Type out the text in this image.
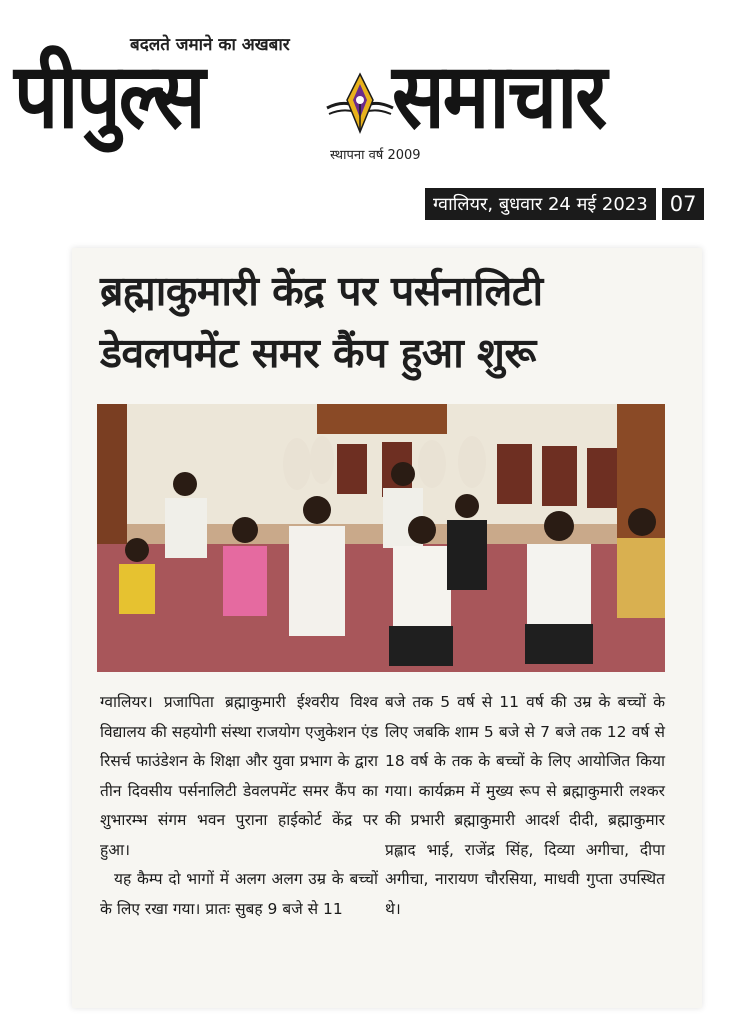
बदलते जमाने का अखबार
पीपुल्स समाचार
स्थापना वर्ष 2009
ग्वालियर, बुधवार 24 मई 2023	07
ब्रह्माकुमारी केंद्र पर पर्सनालिटी
डेवलपमेंट समर कैंप हुआ शुरू

ग्वालियर। प्रजापिता ब्रह्माकुमारी ईश्वरीय विश्व विद्यालय की सहयोगी संस्था राजयोग एजुकेशन एंड रिसर्च फाउंडेशन के शिक्षा और युवा प्रभाग के द्वारा तीन दिवसीय पर्सनालिटी डेवलपमेंट समर कैंप का शुभारम्भ संगम भवन पुराना हाईकोर्ट केंद्र पर हुआ।

यह कैम्प दो भागों में अलग अलग उम्र के बच्चों के लिए रखा गया। प्रातः सुबह 9 बजे से 11

बजे तक 5 वर्ष से 11 वर्ष की उम्र के बच्चों के लिए जबकि शाम 5 बजे से 7 बजे तक 12 वर्ष से 18 वर्ष के तक के बच्चों के लिए आयोजित किया गया। कार्यक्रम में मुख्य रूप से ब्रह्माकुमारी लश्कर की प्रभारी ब्रह्माकुमारी आदर्श दीदी, ब्रह्माकुमार प्रह्लाद भाई, राजेंद्र सिंह, दिव्या अगीचा, दीपा अगीचा, नारायण चौरसिया, माधवी गुप्ता उपस्थित थे।
